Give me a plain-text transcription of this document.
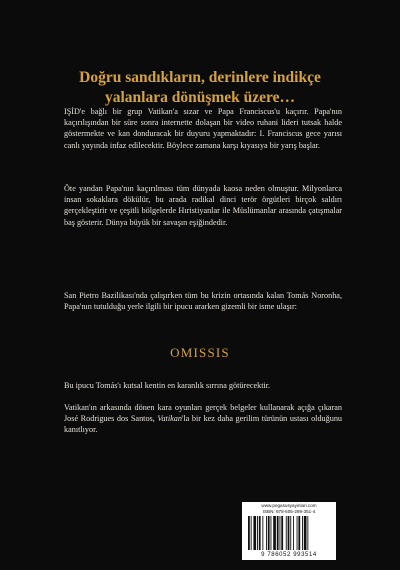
Doğru sandıkların, derinlere indikçe
yalanlara dönüşmek üzere…
IŞİD'e bağlı bir grup Vatikan'a sızar ve Papa Franciscus'u kaçırır. Papa'nın kaçırılışından bir süre sonra internette dolaşan bir video ruhani lideri tutsak halde göstermekte ve kan donduracak bir duyuru yapmaktadır: I. Franciscus gece yarısı canlı yayında infaz edilecektir. Böylece zamana karşı kıyasıya bir yarış başlar.
Öte yandan Papa'nın kaçırılması tüm dünyada kaosa neden olmuştur. Milyonlarca insan sokaklara dökülür, bu arada radikal dinci terör örgütleri birçok saldırı gerçekleştirir ve çeşitli bölgelerde Hıristiyanlar ile Müslümanlar arasında çatışmalar baş gösterir. Dünya büyük bir savaşın eşiğindedir.
San Pietro Bazilikası'nda çalışırken tüm bu krizin ortasında kalan Tomás Noronha, Papa'nın tutulduğu yerle ilgili bir ipucu ararken gizemli bir isme ulaşır:
OMISSIS
Bu ipucu Tomás'ı kutsal kentin en karanlık sırrına götürecektir.
Vatikan'ın arkasında dönen kara oyunları gerçek belgeler kullanarak açığa çıkaran José Rodrigues dos Santos, Vatikan'la bir kez daha gerilim türünün ustası olduğunu kanıtlıyor.
www.pegasusyayinlari.com
ISBN: 978-605-299-351-4
9 786052 993514
